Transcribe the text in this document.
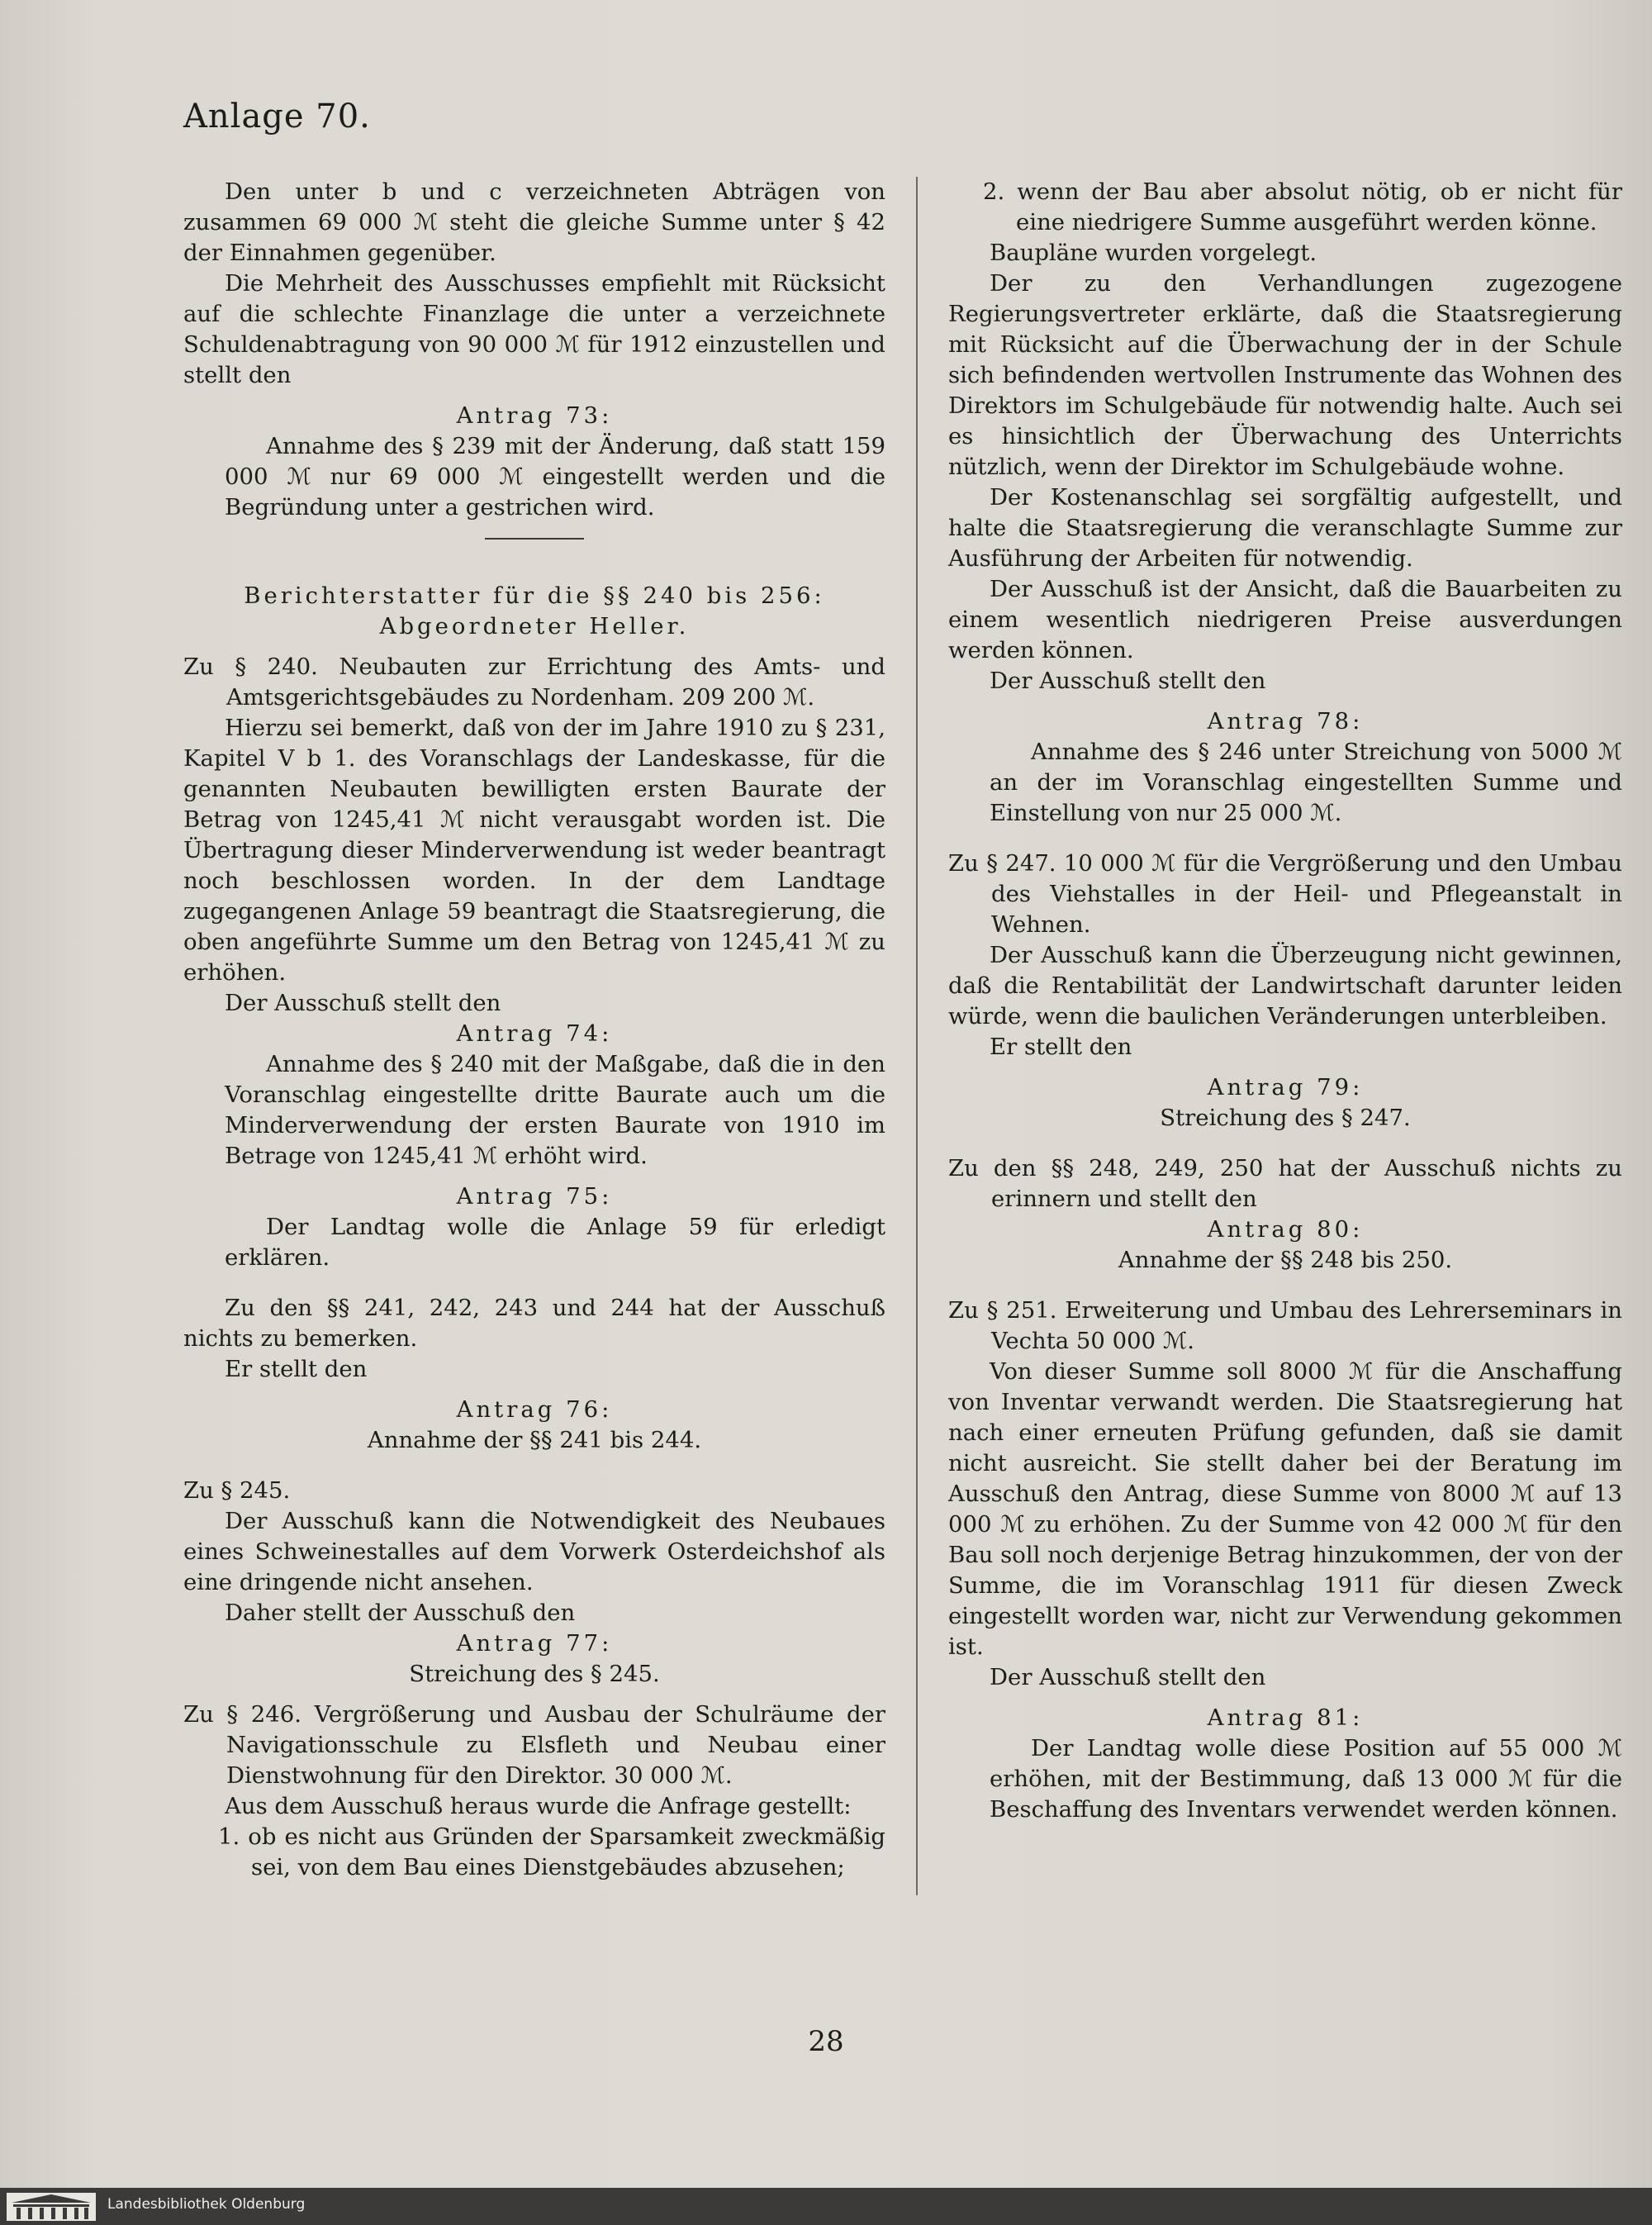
Anlage 70.

Den unter b und c verzeichneten Abträgen von zusammen 69 000 ℳ steht die gleiche Summe unter § 42 der Einnahmen gegenüber.

Die Mehrheit des Ausschusses empfiehlt mit Rücksicht auf die schlechte Finanzlage die unter a verzeichnete Schuldenabtragung von 90 000 ℳ für 1912 einzustellen und stellt den

Antrag 73:

Annahme des § 239 mit der Änderung, daß statt 159 000 ℳ nur 69 000 ℳ eingestellt werden und die Begründung unter a gestrichen wird.

Berichterstatter für die §§ 240 bis 256:

Abgeordneter Heller.

Zu § 240. Neubauten zur Errichtung des Amts- und Amtsgerichtsgebäudes zu Nordenham. 209 200 ℳ.

Hierzu sei bemerkt, daß von der im Jahre 1910 zu § 231, Kapitel V b 1. des Voranschlags der Landeskasse, für die genannten Neubauten bewilligten ersten Baurate der Betrag von 1245,41 ℳ nicht verausgabt worden ist. Die Übertragung dieser Minderverwendung ist weder beantragt noch beschlossen worden. In der dem Landtage zugegangenen Anlage 59 beantragt die Staatsregierung, die oben angeführte Summe um den Betrag von 1245,41 ℳ zu erhöhen.

Der Ausschuß stellt den

Antrag 74:

Annahme des § 240 mit der Maßgabe, daß die in den Voranschlag eingestellte dritte Baurate auch um die Minderverwendung der ersten Baurate von 1910 im Betrage von 1245,41 ℳ erhöht wird.

Antrag 75:

Der Landtag wolle die Anlage 59 für erledigt erklären.

Zu den §§ 241, 242, 243 und 244 hat der Ausschuß nichts zu bemerken.

Er stellt den

Antrag 76:

Annahme der §§ 241 bis 244.

Zu § 245.

Der Ausschuß kann die Notwendigkeit des Neubaues eines Schweinestalles auf dem Vorwerk Osterdeichshof als eine dringende nicht ansehen.

Daher stellt der Ausschuß den

Antrag 77:

Streichung des § 245.

Zu § 246. Vergrößerung und Ausbau der Schulräume der Navigationsschule zu Elsfleth und Neubau einer Dienstwohnung für den Direktor. 30 000 ℳ.

Aus dem Ausschuß heraus wurde die Anfrage gestellt:

1. ob es nicht aus Gründen der Sparsamkeit zweckmäßig sei, von dem Bau eines Dienstgebäudes abzusehen;

2. wenn der Bau aber absolut nötig, ob er nicht für eine niedrigere Summe ausgeführt werden könne.

Baupläne wurden vorgelegt.

Der zu den Verhandlungen zugezogene Regierungsvertreter erklärte, daß die Staatsregierung mit Rücksicht auf die Überwachung der in der Schule sich befindenden wertvollen Instrumente das Wohnen des Direktors im Schulgebäude für notwendig halte. Auch sei es hinsichtlich der Überwachung des Unterrichts nützlich, wenn der Direktor im Schulgebäude wohne.

Der Kostenanschlag sei sorgfältig aufgestellt, und halte die Staatsregierung die veranschlagte Summe zur Ausführung der Arbeiten für notwendig.

Der Ausschuß ist der Ansicht, daß die Bauarbeiten zu einem wesentlich niedrigeren Preise ausverdungen werden können.

Der Ausschuß stellt den

Antrag 78:

Annahme des § 246 unter Streichung von 5000 ℳ an der im Voranschlag eingestellten Summe und Einstellung von nur 25 000 ℳ.

Zu § 247. 10 000 ℳ für die Vergrößerung und den Umbau des Viehstalles in der Heil- und Pflegeanstalt in Wehnen.

Der Ausschuß kann die Überzeugung nicht gewinnen, daß die Rentabilität der Landwirtschaft darunter leiden würde, wenn die baulichen Veränderungen unterbleiben.

Er stellt den

Antrag 79:

Streichung des § 247.

Zu den §§ 248, 249, 250 hat der Ausschuß nichts zu erinnern und stellt den

Antrag 80:

Annahme der §§ 248 bis 250.

Zu § 251. Erweiterung und Umbau des Lehrerseminars in Vechta 50 000 ℳ.

Von dieser Summe soll 8000 ℳ für die Anschaffung von Inventar verwandt werden. Die Staatsregierung hat nach einer erneuten Prüfung gefunden, daß sie damit nicht ausreicht. Sie stellt daher bei der Beratung im Ausschuß den Antrag, diese Summe von 8000 ℳ auf 13 000 ℳ zu erhöhen. Zu der Summe von 42 000 ℳ für den Bau soll noch derjenige Betrag hinzukommen, der von der Summe, die im Voranschlag 1911 für diesen Zweck eingestellt worden war, nicht zur Verwendung gekommen ist.

Der Ausschuß stellt den

Antrag 81:

Der Landtag wolle diese Position auf 55 000 ℳ erhöhen, mit der Bestimmung, daß 13 000 ℳ für die Beschaffung des Inventars verwendet werden können.

28
Landesbibliothek Oldenburg
